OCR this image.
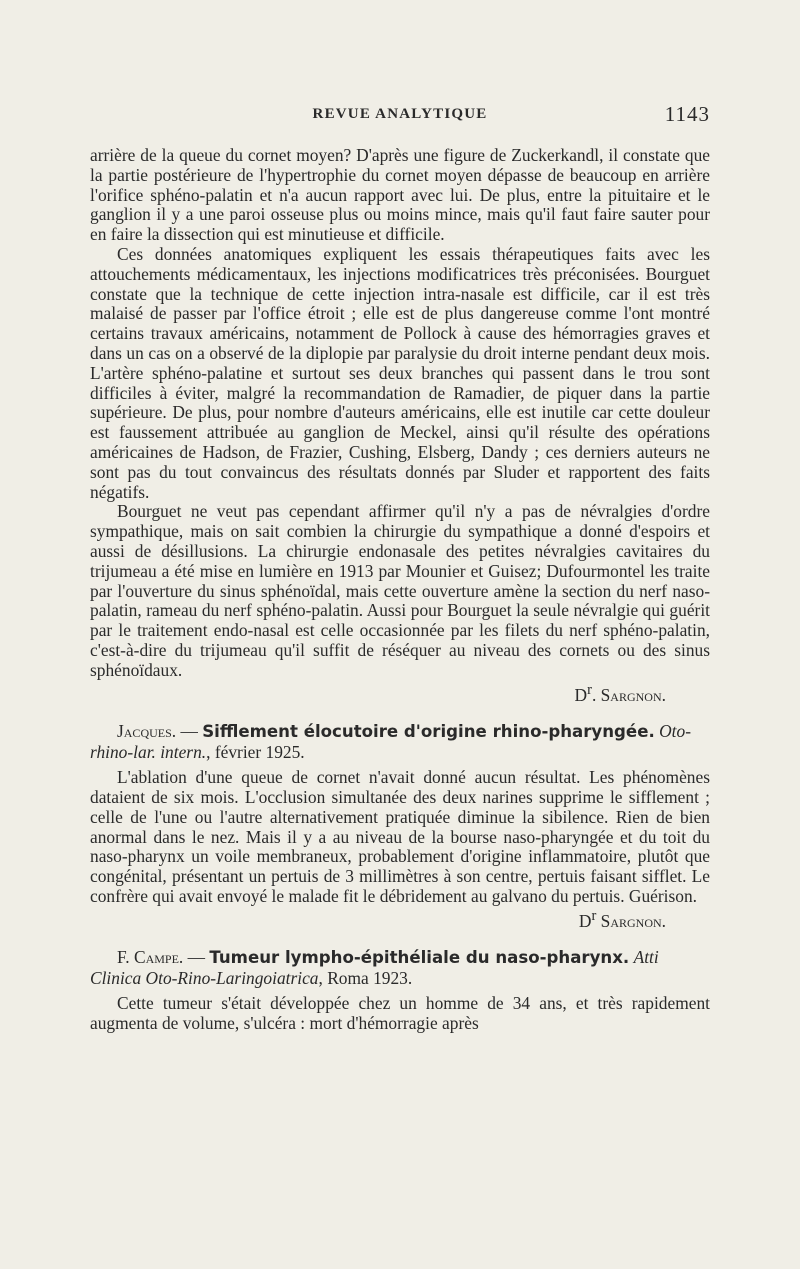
REVUE ANALYTIQUE	1143

arrière de la queue du cornet moyen? D'après une figure de Zuckerkandl, il constate que la partie postérieure de l'hypertrophie du cornet moyen dépasse de beaucoup en arrière l'orifice sphéno-palatin et n'a aucun rapport avec lui. De plus, entre la pituitaire et le ganglion il y a une paroi osseuse plus ou moins mince, mais qu'il faut faire sauter pour en faire la dissection qui est minutieuse et difficile.

Ces données anatomiques expliquent les essais thérapeutiques faits avec les attouchements médicamentaux, les injections modificatrices très préconisées. Bourguet constate que la technique de cette injection intra-nasale est difficile, car il est très malaisé de passer par l'office étroit ; elle est de plus dangereuse comme l'ont montré certains travaux américains, notamment de Pollock à cause des hémorragies graves et dans un cas on a observé de la diplopie par paralysie du droit interne pendant deux mois. L'artère sphéno-palatine et surtout ses deux branches qui passent dans le trou sont difficiles à éviter, malgré la recommandation de Ramadier, de piquer dans la partie supérieure. De plus, pour nombre d'auteurs américains, elle est inutile car cette douleur est faussement attribuée au ganglion de Meckel, ainsi qu'il résulte des opérations américaines de Hadson, de Frazier, Cushing, Elsberg, Dandy ; ces derniers auteurs ne sont pas du tout convaincus des résultats donnés par Sluder et rapportent des faits négatifs.

Bourguet ne veut pas cependant affirmer qu'il n'y a pas de névralgies d'ordre sympathique, mais on sait combien la chirurgie du sympathique a donné d'espoirs et aussi de désillusions. La chirurgie endonasale des petites névralgies cavitaires du trijumeau a été mise en lumière en 1913 par Mounier et Guisez; Dufourmontel les traite par l'ouverture du sinus sphénoïdal, mais cette ouverture amène la section du nerf naso-palatin, rameau du nerf sphéno-palatin. Aussi pour Bourguet la seule névralgie qui guérit par le traitement endo-nasal est celle occasionnée par les filets du nerf sphéno-palatin, c'est-à-dire du trijumeau qu'il suffit de réséquer au niveau des cornets ou des sinus sphénoïdaux.

$D^r$. Sargnon.
Jacques. — Sifflement élocutoire d'origine rhino-pharyngée. Oto-rhino-lar. intern., février 1925.

L'ablation d'une queue de cornet n'avait donné aucun résultat. Les phénomènes dataient de six mois. L'occlusion simultanée des deux narines supprime le sifflement ; celle de l'une ou l'autre alternativement pratiquée diminue la sibilence. Rien de bien anormal dans le nez. Mais il y a au niveau de la bourse naso-pharyngée et du toit du naso-pharynx un voile membraneux, probablement d'origine inflammatoire, plutôt que congénital, présentant un pertuis de 3 millimètres à son centre, pertuis faisant sifflet. Le confrère qui avait envoyé le malade fit le débridement au galvano du pertuis. Guérison.

$D^r$ Sargnon.
F. Campe. — Tumeur lympho-épithéliale du naso-pharynx. Atti Clinica Oto-Rino-Laringoiatrica, Roma 1923.

Cette tumeur s'était développée chez un homme de 34 ans, et très rapidement augmenta de volume, s'ulcéra : mort d'hémorragie après
